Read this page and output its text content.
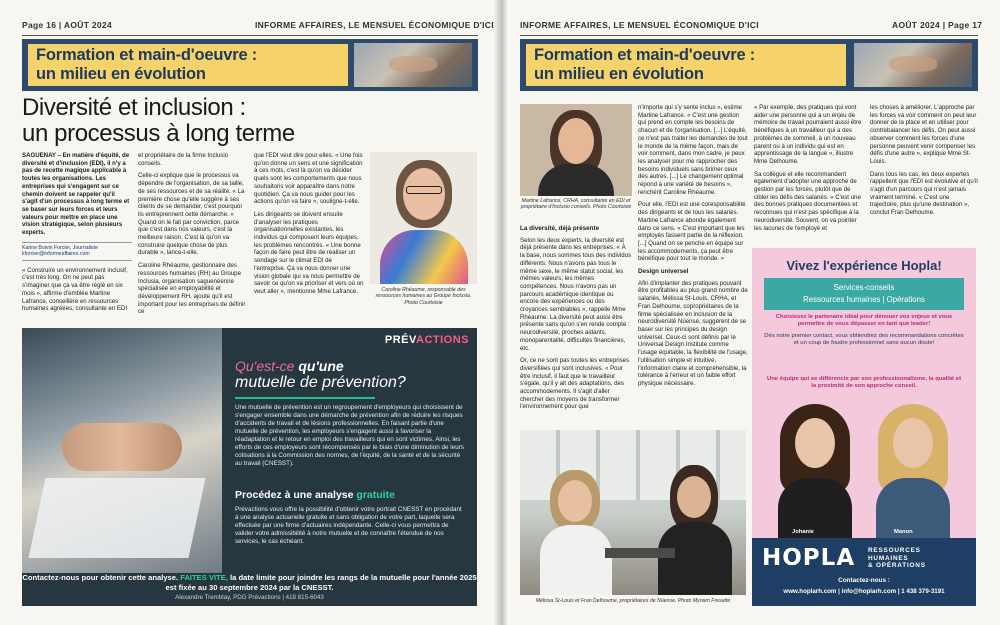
Page 16 | AOÛT 2024	INFORME AFFAIRES, LE MENSUEL ÉCONOMIQUE D'ICI
Formation et main-d'oeuvre :
un milieu en évolution
Diversité et inclusion :
un processus à long terme

SAGUENAY – En matière d'équité, de diversité et d'inclusion (EDI), il n'y a pas de recette magique applicable à toutes les organisations. Les entreprises qui s'engagent sur ce chemin doivent se rappeler qu'il s'agit d'un processus à long terme et se baser sur leurs forces et leurs valeurs pour mettre en place une vision stratégique, selon plusieurs experts.

Karine Boivin Forcier, Journaliste
kforcier@informeaffaires.com

« Construire un environnement inclusif, c'est très long. On ne peut pas s'imaginer que ça va être réglé en six mois », affirme d'emblée Martine Lafrance, conseillère en ressources humaines agréées, consultante en EDI

et propriétaire de la firme Inclusio conseils.

Celle-ci explique que le processus va dépendre de l'organisation, de sa taille, de ses ressources et de sa réalité. « La première chose qu'elle suggère à ses clients de se demander, c'est pourquoi ils entreprennent cette démarche. « Quand on le fait par conviction, parce que c'est dans nos valeurs, c'est la meilleure raison. C'est là qu'on va construire quelque chose de plus durable », lance-t-elle.

Caroline Rhéaume, gestionnaire des ressources humaines (RH) au Groupe Inclusia, organisation saguenéenne spécialisée en employabilité et développement RH, ajoute qu'il est important pour les entreprises de définir ce

que l'EDI veut dire pour elles. « Une fois qu'on donne un sens et une signification à ces mots, c'est là qu'on va décider quels sont les comportements que nous souhaitons voir apparaître dans notre quotidien. Ça va nous guider pour les actions qu'on va faire », souligne-t-elle.

Les dirigeants se doivent ensuite d'analyser les pratiques organisationnelles existantes, les individus qui composent leurs équipes, les problèmes rencontrés. « Une bonne façon de faire peut être de réaliser un sondage sur le climat EDI de l'entreprise. Ça va nous donner une vision globale qui va nous permettre de savoir ce qu'on va prioriser et vers où on veut aller », mentionne Mme Lafrance.	Caroline Rhéaume, responsable des ressources humaines au Groupe Inclusia.
Photo Courtoisie
PRÉVACTIONS
Qu'est-ce qu'une
mutuelle de prévention?
Une mutuelle de prévention est un regroupement d'employeurs qui choisissent de s'engager ensemble dans une démarche de prévention afin de réduire les risques d'accidents de travail et de lésions professionnelles. En faisant partie d'une mutuelle de prévention, les employeurs s'engagent aussi à favoriser la réadaptation et le retour en emploi des travailleurs qui en sont victimes. Ainsi, les efforts de ces employeurs sont récompensés par le biais d'une diminution de leurs cotisations à la Commission des normes, de l'équité, de la santé et de la sécurité au travail (CNESST).
Procédez à une analyse gratuite
Prévactions vous offre la possibilité d'obtenir votre portrait CNESST en procédant à une analyse actuarielle gratuite et sans obligation de votre part, laquelle sera effectuée par une firme d'actuaires indépendante. Celle-ci vous permettra de valider votre admissibilité à notre mutuelle et de connaître l'étendue de nos services, le cas échéant.
Contactez-nous pour obtenir cette analyse. FAITES VITE, la date limite pour joindre les rangs de la mutuelle pour l'année 2025 est fixée au 30 septembre 2024 par la CNESST.
Alexandre Tremblay, PDG Prévactions | 418 815-6043
INFORME AFFAIRES, LE MENSUEL ÉCONOMIQUE D'ICI	AOÛT 2024 | Page 17
Formation et main-d'oeuvre :
un milieu en évolution
Martine Lafrance, CRHA, consultante en EDI et propriétaire d'Inclusio conseils. Photo Courtoisie
La diversité, déjà présente

Selon les deux experts, la diversité est déjà présente dans les entreprises. « À la base, nous sommes tous des individus différents. Nous n'avons pas tous le même sexe, le même statut social, les mêmes valeurs, les mêmes compétences. Nous n'avons pas un parcours académique identique ou encore des expériences ou des croyances semblables », rappelle Mme Rhéaume. La diversité peut aussi être présente sans qu'on s'en rende compte : neurodiversité, proches aidants, monoparentalité, difficultés financières, etc.

Or, ce ne sont pas toutes les entreprises diversifiées qui sont inclusives. « Pour être inclusif, il faut que le travailleur s'égale, qu'il y ait des adaptations, des accommodements. Il s'agit d'aller chercher des moyens de transformer l'environnement pour que

n'importe qui s'y sente inclus », estime Martine Lafrance. « C'est une gestion qui prend en compte les besoins de chacun et de l'organisation. [...] L'équité, ce n'est pas traiter les demandes de tout le monde de la même façon, mais de voir comment, dans mon cadre, je peux les analyser pour me rapprocher des besoins individuels sans brimer ceux des autres. [...] Le changement optimal répond à une variété de besoins », renchérit Caroline Rhéaume.

Pour elle, l'EDI est une coresponsabilité des dirigeants et de tous les salariés. Martine Lafrance abonde également dans ce sens. « C'est important que les employés fassent partie de la réflexion. [...] Quand on se penche en équipe sur les accommodements, ça peut être bénéfique pour tout le monde. »

Design universel

Afin d'implanter des pratiques pouvant être profitables au plus grand nombre de salariés, Mélissa St-Louis, CRHA, et Fran Delhoume, copropriétaires de la firme spécialisée en inclusion de la neurodiversité Nüense, suggèrent de se baser sur les principes du design universel. Ceux-ci sont définis par le Universal Design Institute comme l'usage équitable, la flexibilité de l'usage, l'utilisation simple et intuitive, l'information claire et compréhensible, la tolérance à l'erreur et un faible effort physique nécessaire.

« Par exemple, des pratiques qui vont aider une personne qui a un enjeu de mémoire de travail pourraient aussi être bénéfiques à un travailleur qui a des problèmes de sommeil, à un nouveau parent ou à un individu qui est en apprentissage de la langue », illustre Mme Delhoume.

Sa collègue et elle recommandent également d'adopter une approche de gestion par les forces, plutôt que de cibler les défis des salariés. « C'est une des bonnes pratiques documentées et reconnues qui n'est pas spécifique à la neurodiversité. Souvent, on va pointer les lacunes de l'employé et

les choses à améliorer. L'approche par les forces va voir comment on peut leur donner de la place et en utiliser pour contrebalancer les défis. On peut aussi observer comment les forces d'une personne peuvent venir compenser les défis d'une autre », explique Mme St-Louis.

Dans tous les cas, les deux expertes rappellent que l'EDI est évolutive et qu'il s'agit d'un parcours qui n'est jamais vraiment terminé. « C'est une trajectoire, plus qu'une destination », conclut Fran Delhoume.

Mélissa St-Louis et Fran Delhoume, propriétaires de Nüense. Photo Myriam Fresette
Vivez l'expérience Hopla!
Services-conseils
Ressources humaines | Opérations
Choisissez le partenaire idéal pour dénouer vos enjeux et vous permettre de vous dépasser en tant que leader!
Dès notre premier contact, vous obtiendrez des recommandations concrètes et un coup de foudre professionnel sans aucun doute!
Une équipe qui se différencie par son professionnalisme, la qualité et la proximité de son approche conseil.
Johanie	Manon
HOPLA RESSOURCES
HUMAINES
& OPÉRATIONS
Contactez-nous :
www.hoplarh.com | info@hoplarh.com | 1 438 379-3191
